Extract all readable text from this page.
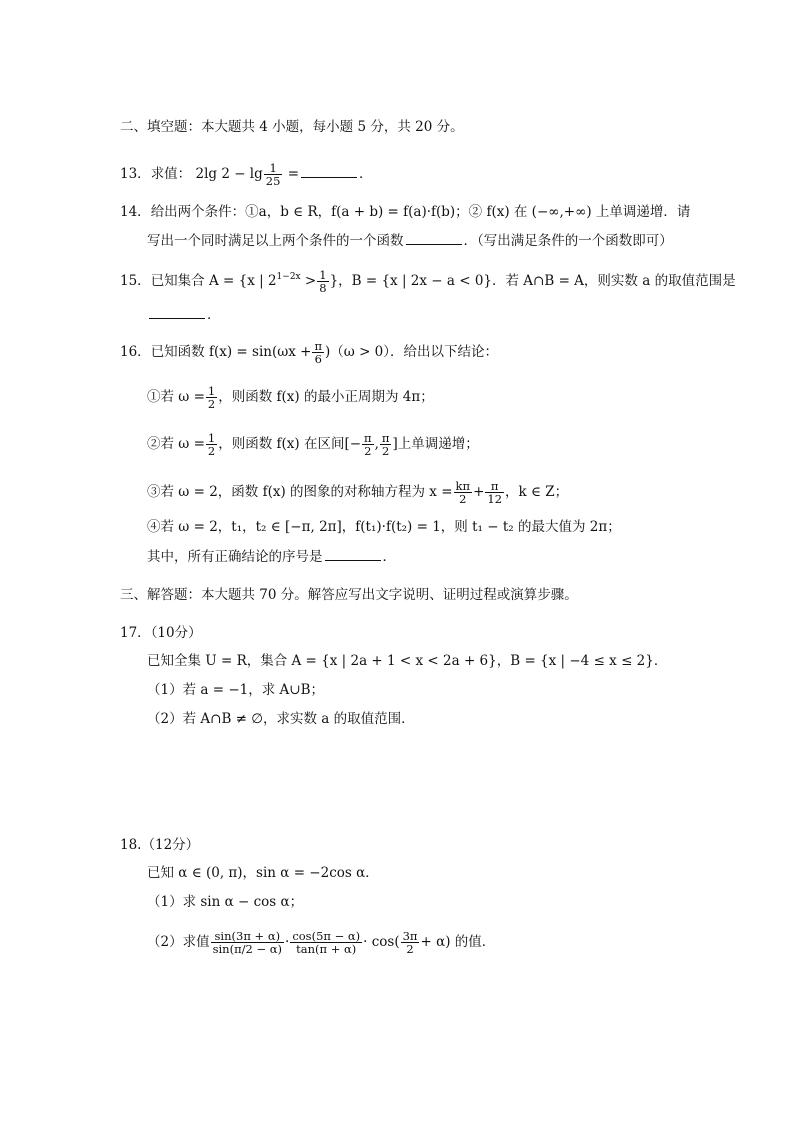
二、填空题：本大题共 4 小题，每小题 5 分，共 20 分。
13．求值： 2lg $2 - \lg \frac{1}{25}$ =	．
14．给出两个条件：①a，b ∈ R，f(a + b) = f(a)·f(b)；② f(x) 在 (−∞,+∞) 上单调递增．请
写出一个同时满足以上两个条件的一个函数	．（写出满足条件的一个函数即可）
15．已知集合 A = {x | $2^{1-2x} > \frac{1}{8}$ }，B = {x | 2x − a < 0}．若 A∩B = A，则实数 a 的取值范围是
．
16．已知函数 $f(x) = \sin(\omega x + \frac{\pi}{6} )(\omega > 0)$．给出以下结论：
①若 $\omega = \frac{1}{2}$ ，则函数 f(x) 的最小正周期为 4π；
②若 $\omega = \frac{1}{2}$ ，则函数 f(x) 在区间[− $\frac{\pi}{2}$ , $\frac{\pi}{2}$ ]上单调递增；
③若 ω = 2，函数 f(x) 的图象的对称轴方程为 $x = \frac{k\pi}{2} + \frac{\pi}{12}$ ，k ∈ Z；
④若 ω = 2，t₁，t₂ ∈ [−π, 2π]，f(t₁)·f(t₂) = 1，则 t₁ − t₂ 的最大值为 2π；
其中，所有正确结论的序号是	．
三、解答题：本大题共 70 分。解答应写出文字说明、证明过程或演算步骤。
17．（10分）
已知全集 U = R，集合 A = {x | 2a + 1 < x < 2a + 6}，B = {x | −4 ≤ x ≤ 2}．
（1）若 a = −1，求 A∪B；
（2）若 A∩B ≠ ∅，求实数 a 的取值范围．
18.（12分）
已知 α ∈ (0, π)，sin α = −2cos α．
（1）求 sin α − cos α；
（2）求值 $\frac{\sin(3\pi + \alpha)}{\sin(\pi/2 - \alpha)} \cdot \frac{\cos(5\pi - \alpha)}{\tan(\pi + \alpha)} \cdot \cos( \frac{3\pi}{2} + \alpha)$ 的值．
